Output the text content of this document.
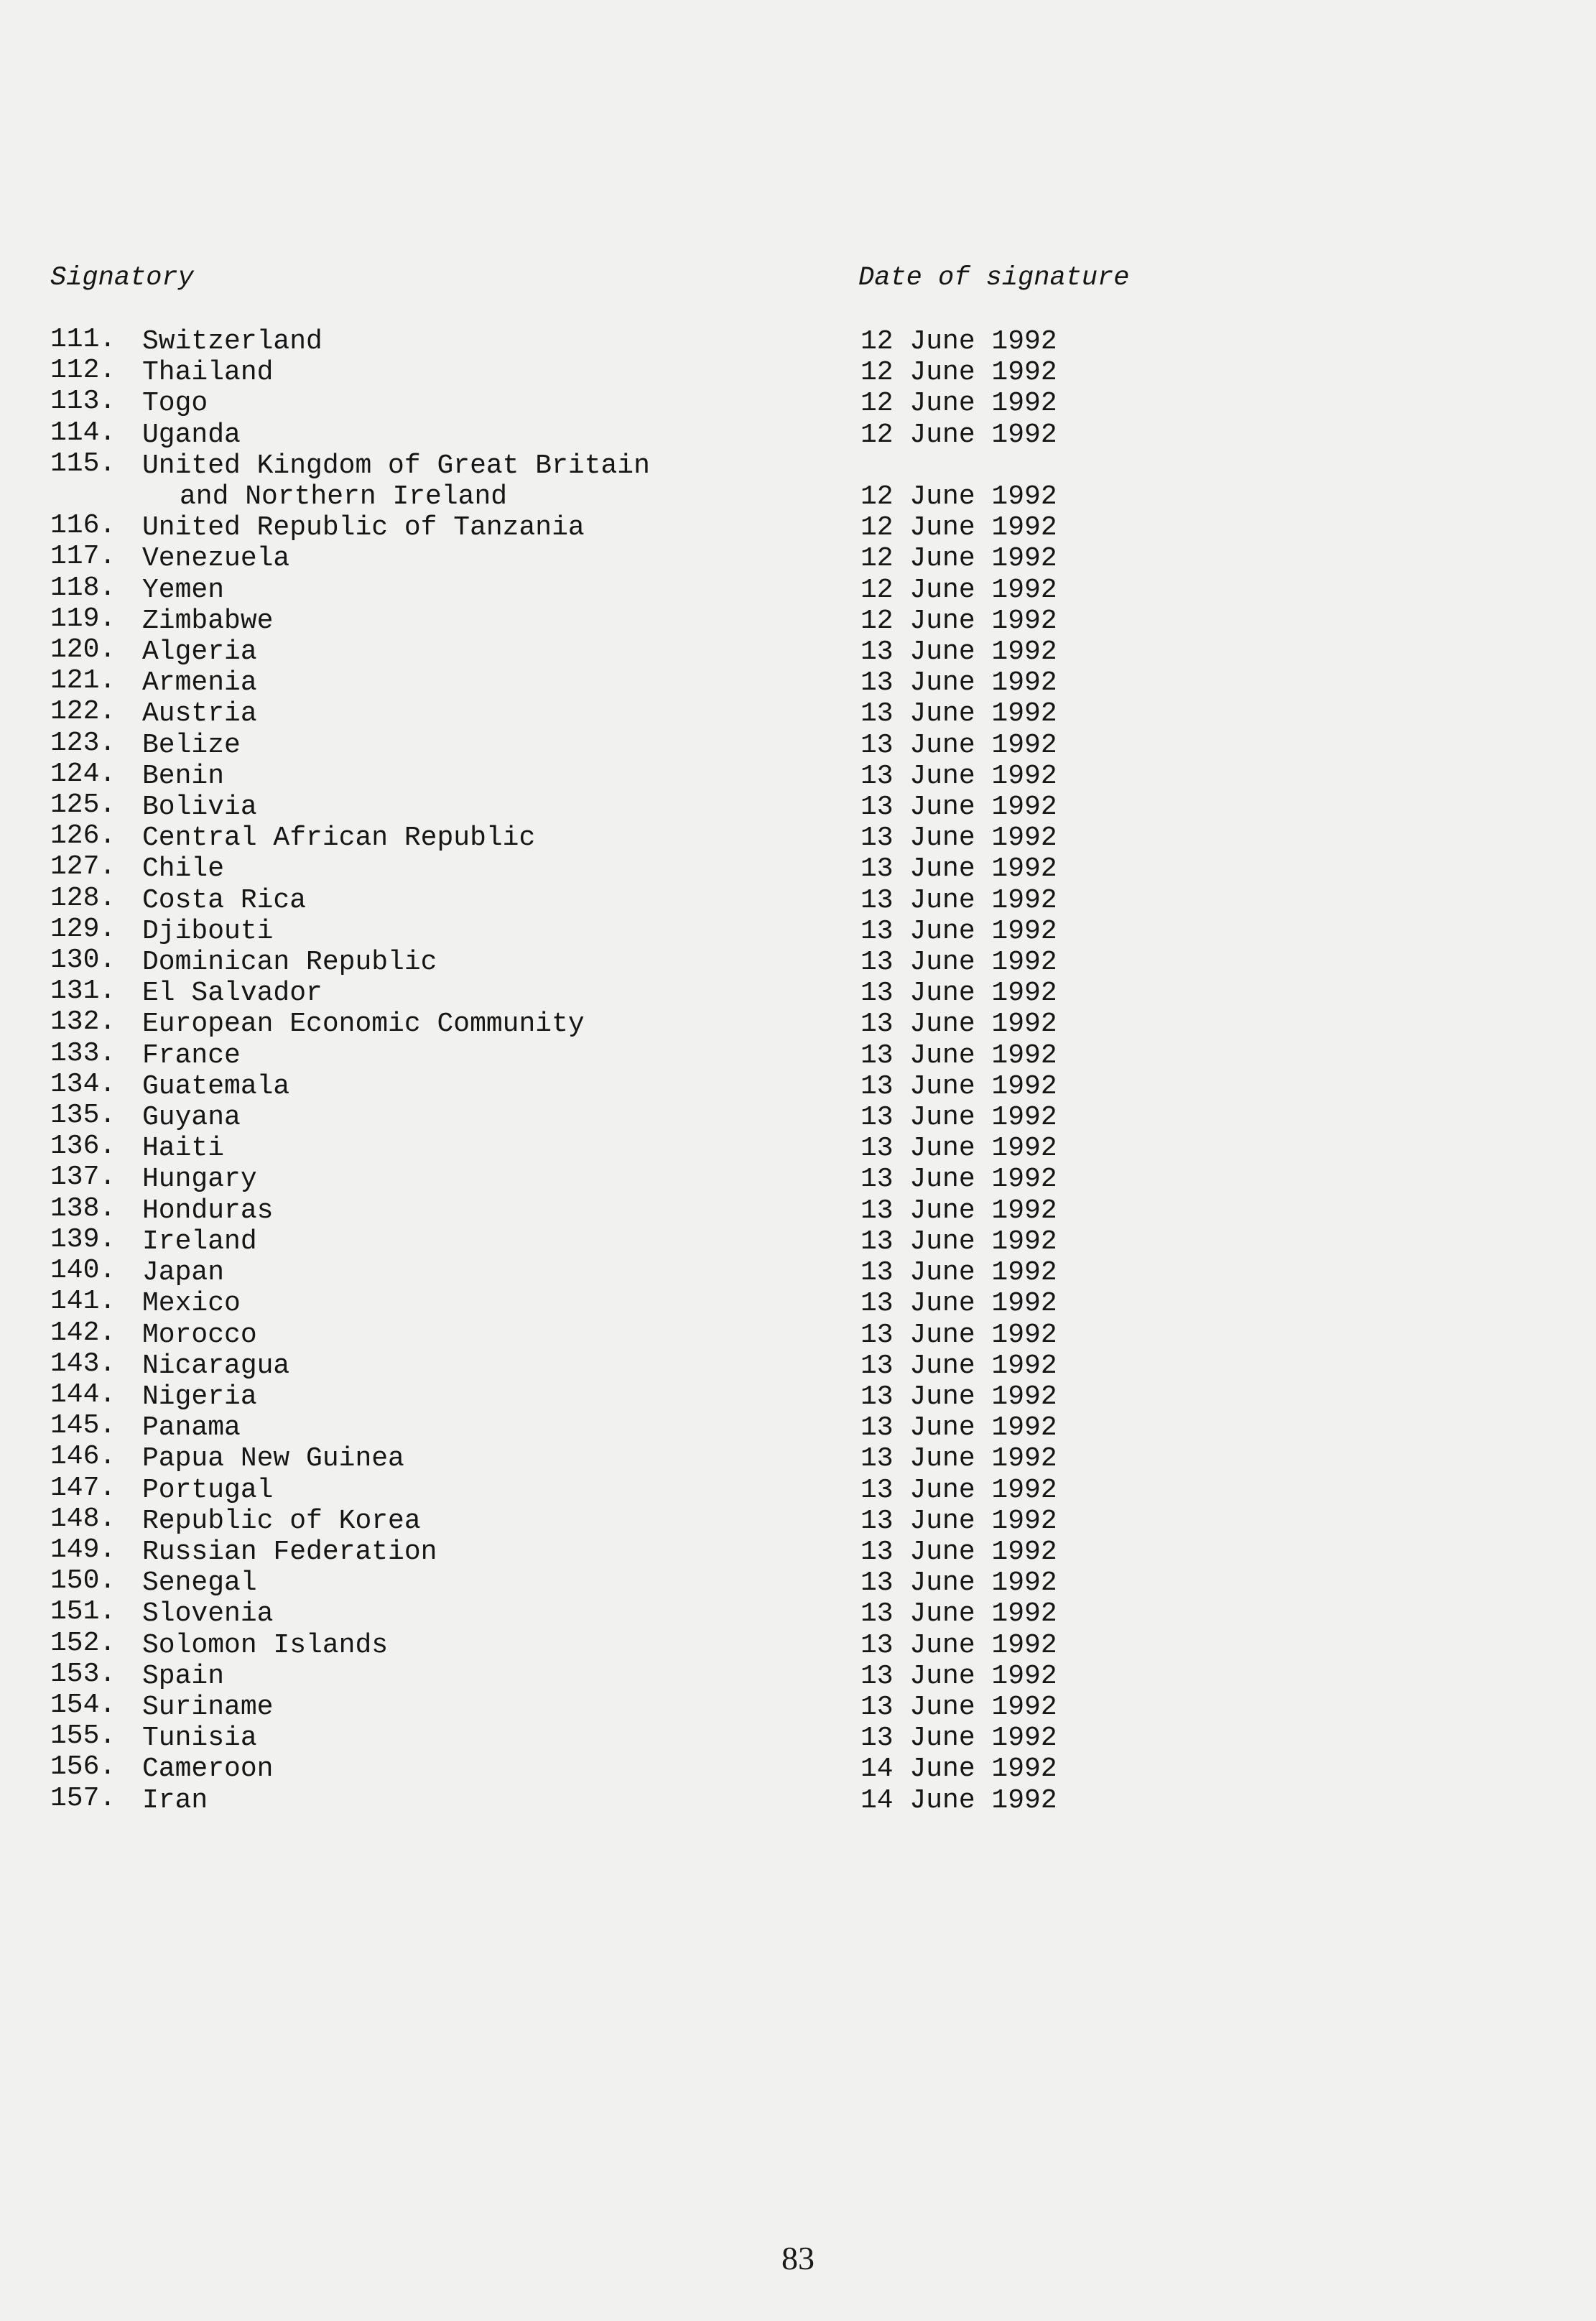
Signatory	Date of signature
111. Switzerland	12 June 1992
112. Thailand	12 June 1992
113. Togo	12 June 1992
114. Uganda	12 June 1992
115. United Kingdom of Great Britain
and Northern Ireland	12 June 1992
116. United Republic of Tanzania	12 June 1992
117. Venezuela	12 June 1992
118. Yemen	12 June 1992
119. Zimbabwe	12 June 1992
120. Algeria	13 June 1992
121. Armenia	13 June 1992
122. Austria	13 June 1992
123. Belize	13 June 1992
124. Benin	13 June 1992
125. Bolivia	13 June 1992
126. Central African Republic	13 June 1992
127. Chile	13 June 1992
128. Costa Rica	13 June 1992
129. Djibouti	13 June 1992
130. Dominican Republic	13 June 1992
131. El Salvador	13 June 1992
132. European Economic Community	13 June 1992
133. France	13 June 1992
134. Guatemala	13 June 1992
135. Guyana	13 June 1992
136. Haiti	13 June 1992
137. Hungary	13 June 1992
138. Honduras	13 June 1992
139. Ireland	13 June 1992
140. Japan	13 June 1992
141. Mexico	13 June 1992
142. Morocco	13 June 1992
143. Nicaragua	13 June 1992
144. Nigeria	13 June 1992
145. Panama	13 June 1992
146. Papua New Guinea	13 June 1992
147. Portugal	13 June 1992
148. Republic of Korea	13 June 1992
149. Russian Federation	13 June 1992
150. Senegal	13 June 1992
151. Slovenia	13 June 1992
152. Solomon Islands	13 June 1992
153. Spain	13 June 1992
154. Suriname	13 June 1992
155. Tunisia	13 June 1992
156. Cameroon	14 June 1992
157. Iran	14 June 1992
83
